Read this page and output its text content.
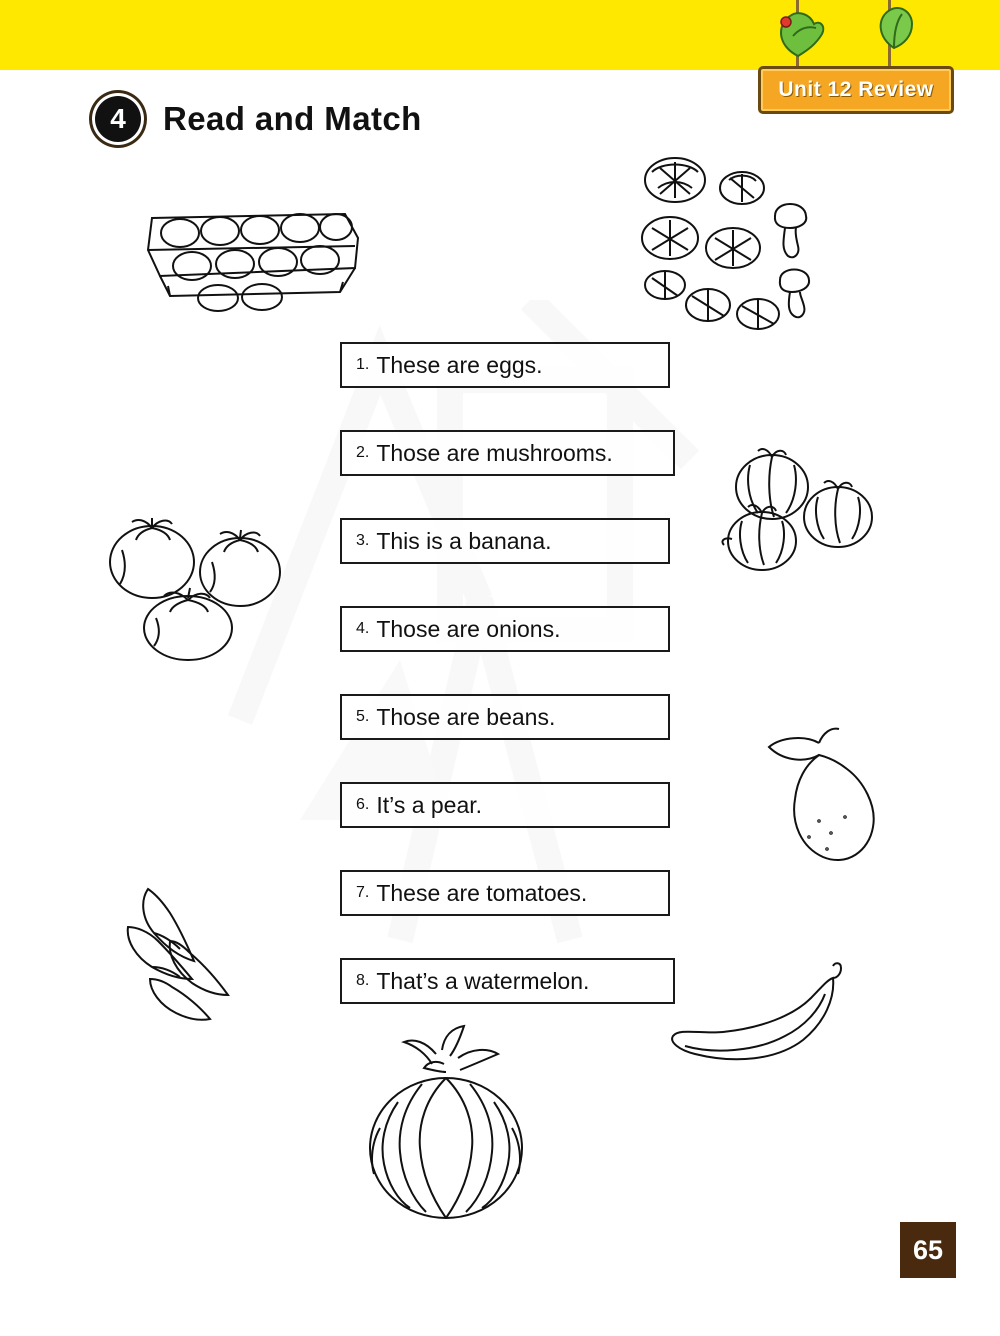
Unit 12 Review
4	Read and Match
1. These are eggs.
2. Those are mushrooms.
3. This is a banana.
4. Those are onions.
5. Those are beans.
6. It’s a pear.
7. These are tomatoes.
8. That’s a watermelon.
65
